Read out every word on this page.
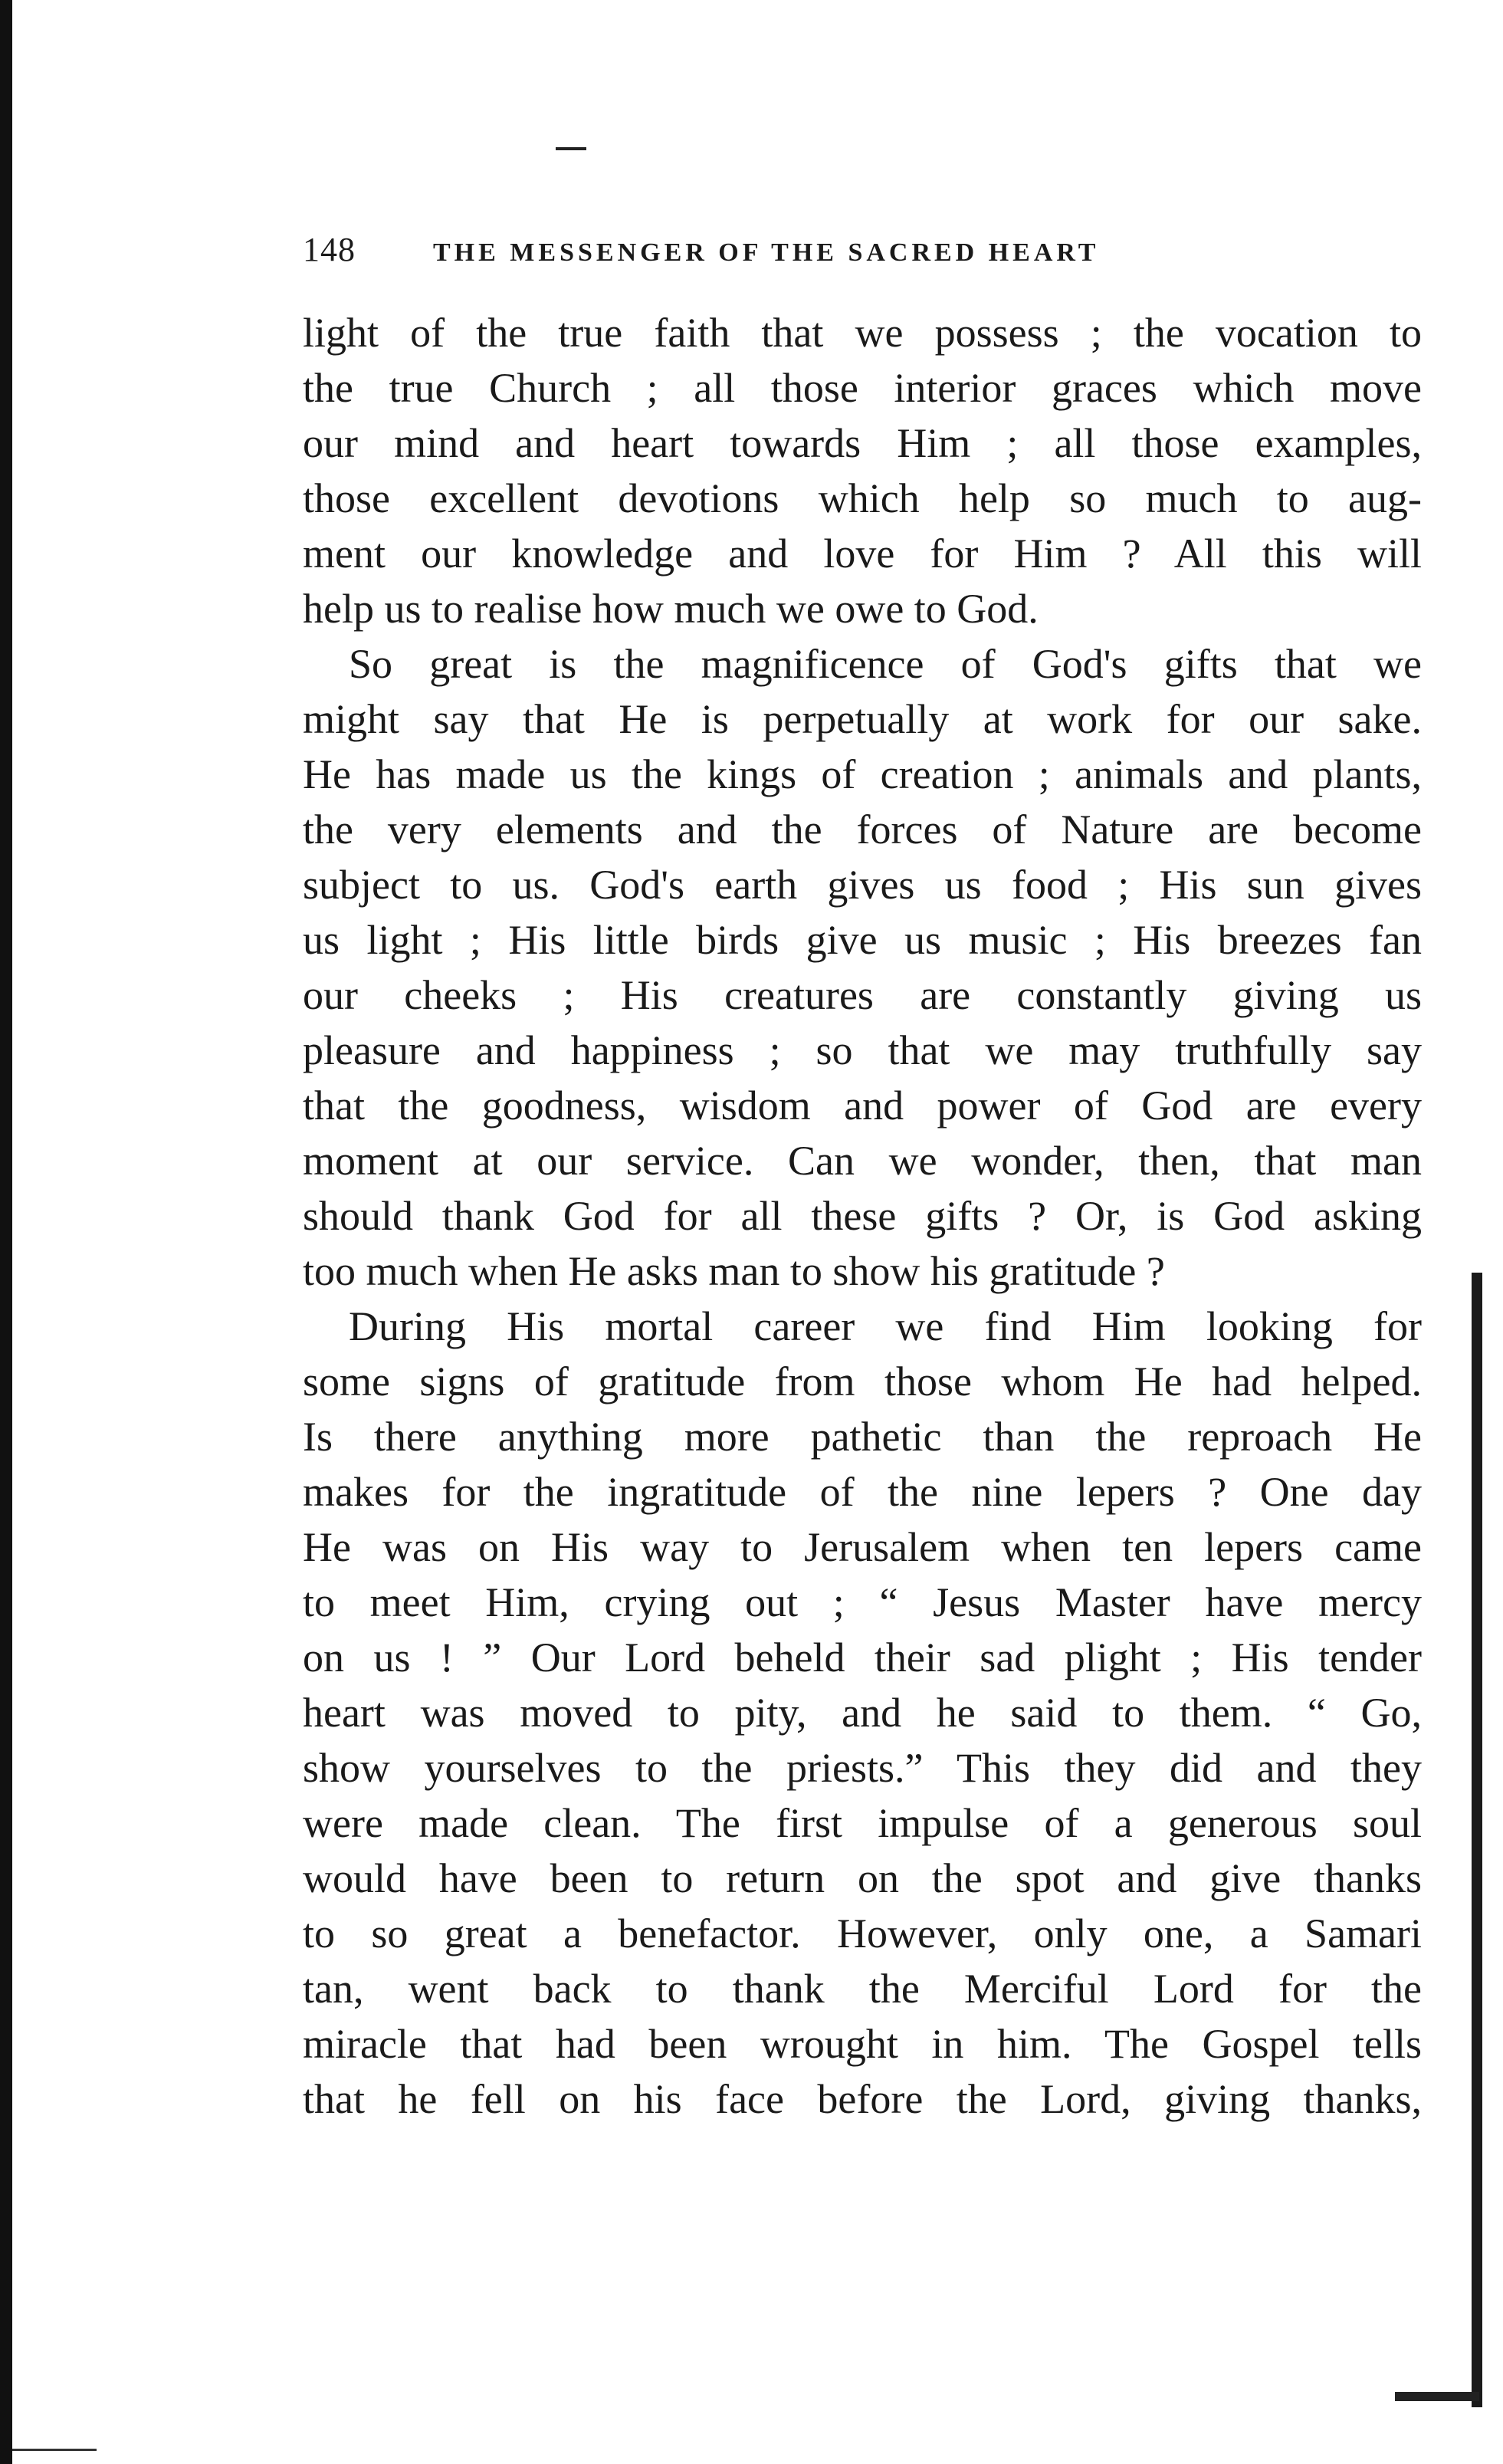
148	THE MESSENGER OF THE SACRED HEART
light of the true faith that we possess ; the vocation to
the true Church ; all those interior graces which move
our mind and heart towards Him ; all those examples,
those excellent devotions which help so much to aug-
ment our knowledge and love for Him ? All this will
help us to realise how much we owe to God.
So great is the magnificence of God's gifts that we
might say that He is perpetually at work for our sake.
He has made us the kings of creation ; animals and plants,
the very elements and the forces of Nature are become
subject to us. God's earth gives us food ; His sun gives
us light ; His little birds give us music ; His breezes fan
our cheeks ; His creatures are constantly giving us
pleasure and happiness ; so that we may truthfully say
that the goodness, wisdom and power of God are every
moment at our service. Can we wonder, then, that man
should thank God for all these gifts ? Or, is God asking
too much when He asks man to show his gratitude ?
During His mortal career we find Him looking for
some signs of gratitude from those whom He had helped.
Is there anything more pathetic than the reproach He
makes for the ingratitude of the nine lepers ? One day
He was on His way to Jerusalem when ten lepers came
to meet Him, crying out ; “ Jesus Master have mercy
on us ! ” Our Lord beheld their sad plight ; His tender
heart was moved to pity, and he said to them. “ Go,
show yourselves to the priests.” This they did and they
were made clean. The first impulse of a generous soul
would have been to return on the spot and give thanks
to so great a benefactor. However, only one, a Samari
tan, went back to thank the Merciful Lord for the
miracle that had been wrought in him. The Gospel tells
that he fell on his face before the Lord, giving thanks,
